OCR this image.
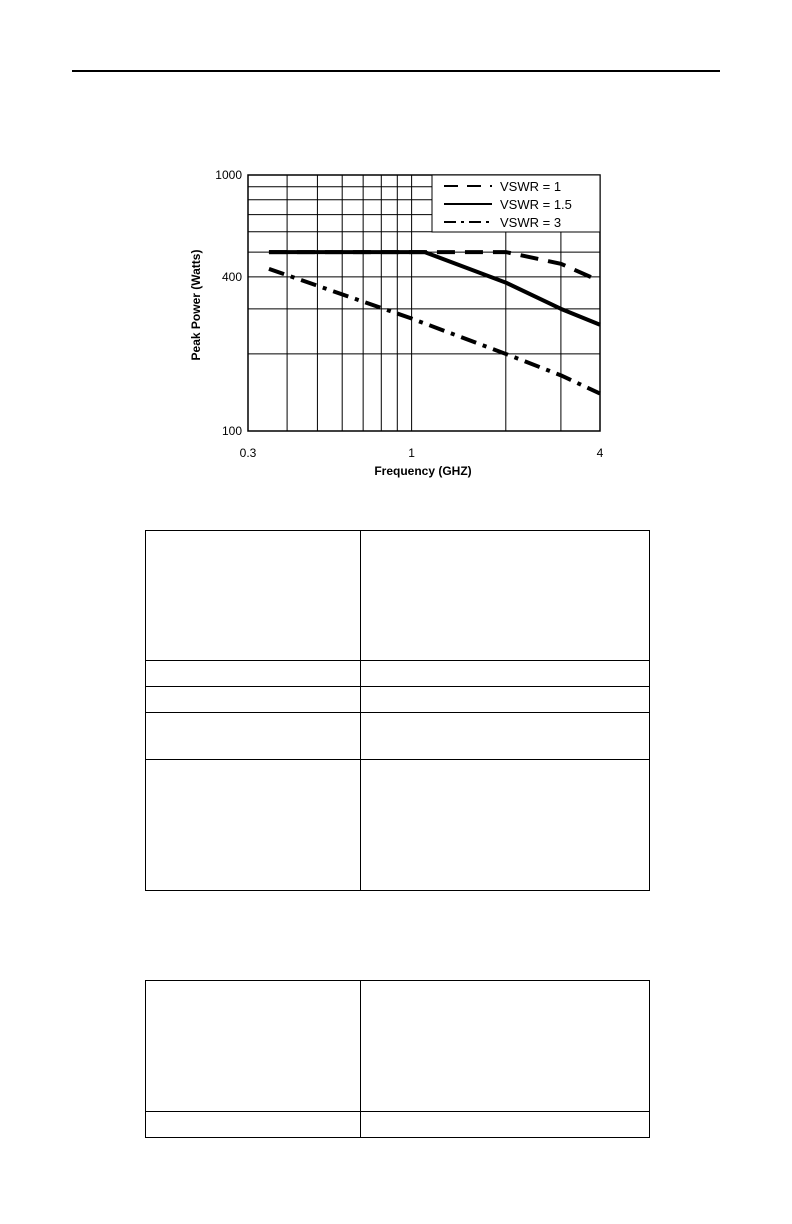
0.3	1	4
100
400
1000
VSWR = 1
VSWR = 1.5
VSWR = 3
Frequency (GHZ)
Peak Power (Watts)
